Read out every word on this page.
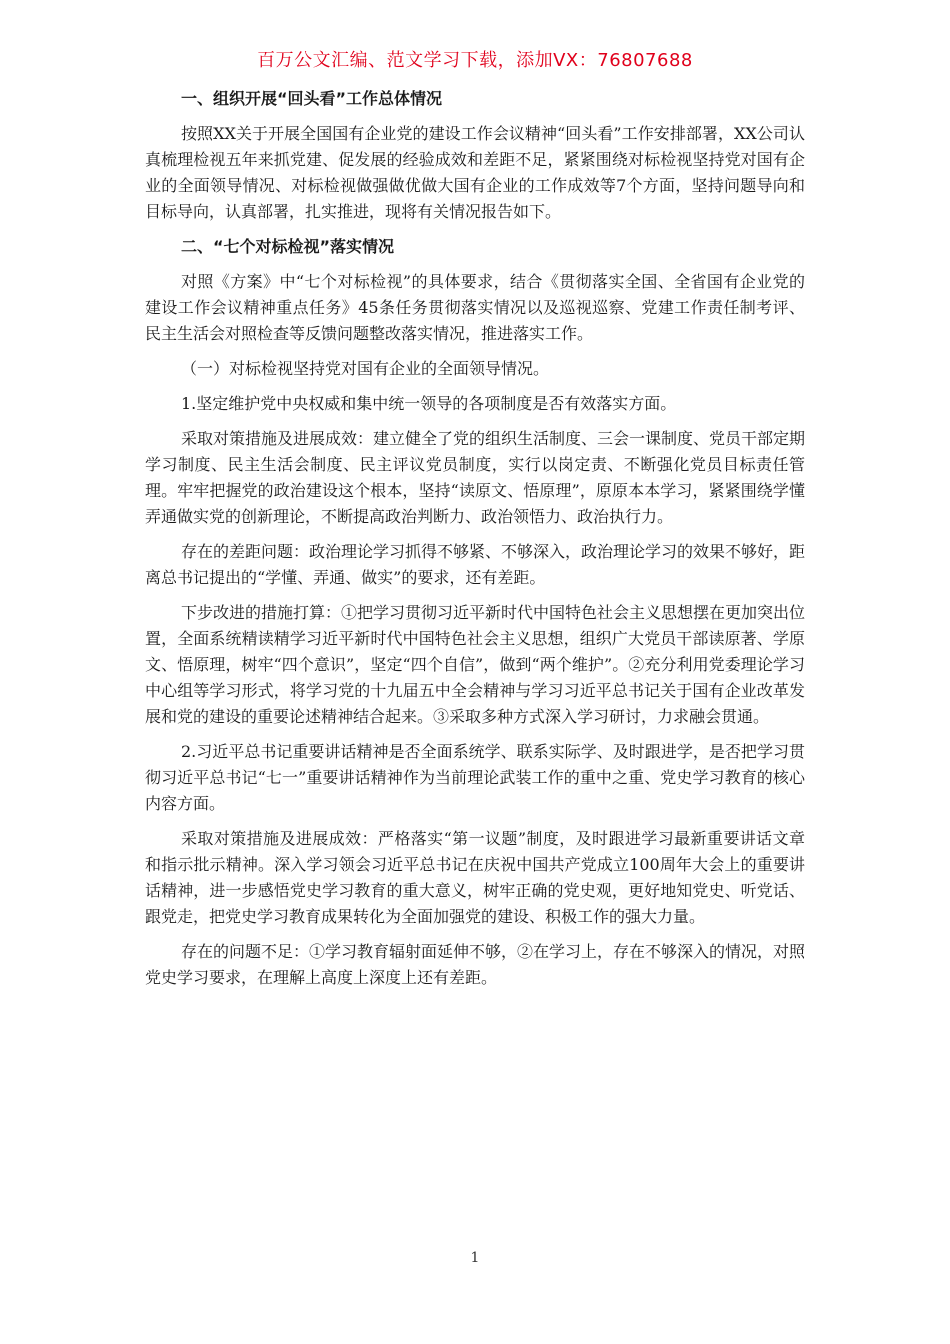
百万公文汇编、范文学习下载，添加VX：76807688

一、组织开展“回头看”工作总体情况

按照XX关于开展全国国有企业党的建设工作会议精神“回头看”工作安排部署，XX公司认真梳理检视五年来抓党建、促发展的经验成效和差距不足，紧紧围绕对标检视坚持党对国有企业的全面领导情况、对标检视做强做优做大国有企业的工作成效等7个方面，坚持问题导向和目标导向，认真部署，扎实推进，现将有关情况报告如下。

二、“七个对标检视”落实情况

对照《方案》中“七个对标检视”的具体要求，结合《贯彻落实全国、全省国有企业党的建设工作会议精神重点任务》45条任务贯彻落实情况以及巡视巡察、党建工作责任制考评、民主生活会对照检查等反馈问题整改落实情况，推进落实工作。

（一）对标检视坚持党对国有企业的全面领导情况。

1.坚定维护党中央权威和集中统一领导的各项制度是否有效落实方面。

采取对策措施及进展成效：建立健全了党的组织生活制度、三会一课制度、党员干部定期学习制度、民主生活会制度、民主评议党员制度，实行以岗定责、不断强化党员目标责任管理。牢牢把握党的政治建设这个根本，坚持“读原文、悟原理”，原原本本学习，紧紧围绕学懂弄通做实党的创新理论，不断提高政治判断力、政治领悟力、政治执行力。

存在的差距问题：政治理论学习抓得不够紧、不够深入，政治理论学习的效果不够好，距离总书记提出的“学懂、弄通、做实”的要求，还有差距。

下步改进的措施打算：①把学习贯彻习近平新时代中国特色社会主义思想摆在更加突出位置，全面系统精读精学习近平新时代中国特色社会主义思想，组织广大党员干部读原著、学原文、悟原理，树牢“四个意识”，坚定“四个自信”，做到“两个维护”。②充分利用党委理论学习中心组等学习形式，将学习党的十九届五中全会精神与学习习近平总书记关于国有企业改革发展和党的建设的重要论述精神结合起来。③采取多种方式深入学习研讨，力求融会贯通。

2.习近平总书记重要讲话精神是否全面系统学、联系实际学、及时跟进学，是否把学习贯彻习近平总书记“七一”重要讲话精神作为当前理论武装工作的重中之重、党史学习教育的核心内容方面。

采取对策措施及进展成效：严格落实“第一议题”制度，及时跟进学习最新重要讲话文章和指示批示精神。深入学习领会习近平总书记在庆祝中国共产党成立100周年大会上的重要讲话精神，进一步感悟党史学习教育的重大意义，树牢正确的党史观，更好地知党史、听党话、跟党走，把党史学习教育成果转化为全面加强党的建设、积极工作的强大力量。

存在的问题不足：①学习教育辐射面延伸不够，②在学习上，存在不够深入的情况，对照党史学习要求，在理解上高度上深度上还有差距。

1
